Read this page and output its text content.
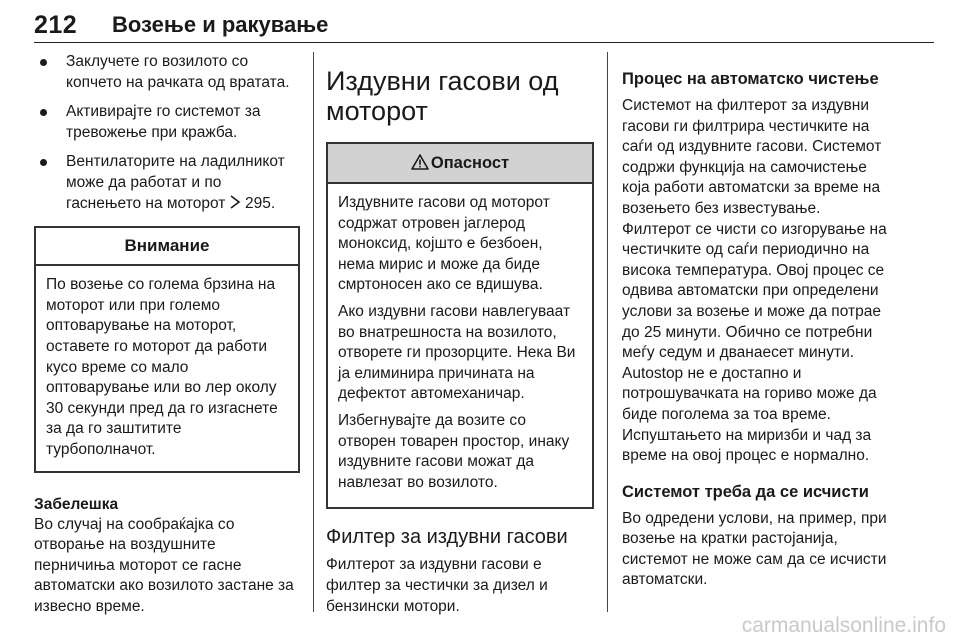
212 Возење и ракување
Заклучете го возилото со копчето на рачката од вратата.
Активирајте го системот за тревожење при кражба.
Вентилаторите на ладилникот може да работат и по гаснењето на моторот 295.
Внимание

По возење со голема брзина на моторот или при големо оптоварување на моторот, оставете го моторот да работи кусо време со мало оптоварување или во лер околу 30 секунди пред да го изгаснете за да го заштитите турбополначот.

Забелешка

Во случај на сообраќајка со отворање на воздушните перничиња моторот се гасне автоматски ако возилото застане за извесно време.

Издувни гасови од моторот
Опасност

Издувните гасови од моторот содржат отровен јаглерод моноксид, којшто е безбоен, нема мирис и може да биде смртоносен ако се вдишува.

Ако издувни гасови навлегуваат во внатрешноста на возилото, отворете ги прозорците. Нека Ви ја елиминира причината на дефектот автомеханичар.

Избегнувајте да возите со отворен товарен простор, инаку издувните гасови можат да навлезат во возилото.

Филтер за издувни гасови

Филтерот за издувни гасови е филтер за честички за дизел и бензински мотори.

Процес на автоматско чистење

Системот на филтерот за издувни гасови ги филтрира честичките на саѓи од издувните гасови. Системот содржи функција на самочистење која работи автоматски за време на возењето без известување. Филтерот се чисти со изгорување на честичките од саѓи периодично на висока температура. Овој процес се одвива автоматски при определени услови за возење и може да потрае до 25 минути. Обично се потребни меѓу седум и дванаесет минути. Autostop не е достапно и потрошувачката на гориво може да биде поголема за тоа време. Испуштањето на миризби и чад за време на овој процес е нормално.

Системот треба да се исчисти

Во одредени услови, на пример, при возење на кратки растојанија, системот не може сам да се исчисти автоматски.

carmanualsonline.info
